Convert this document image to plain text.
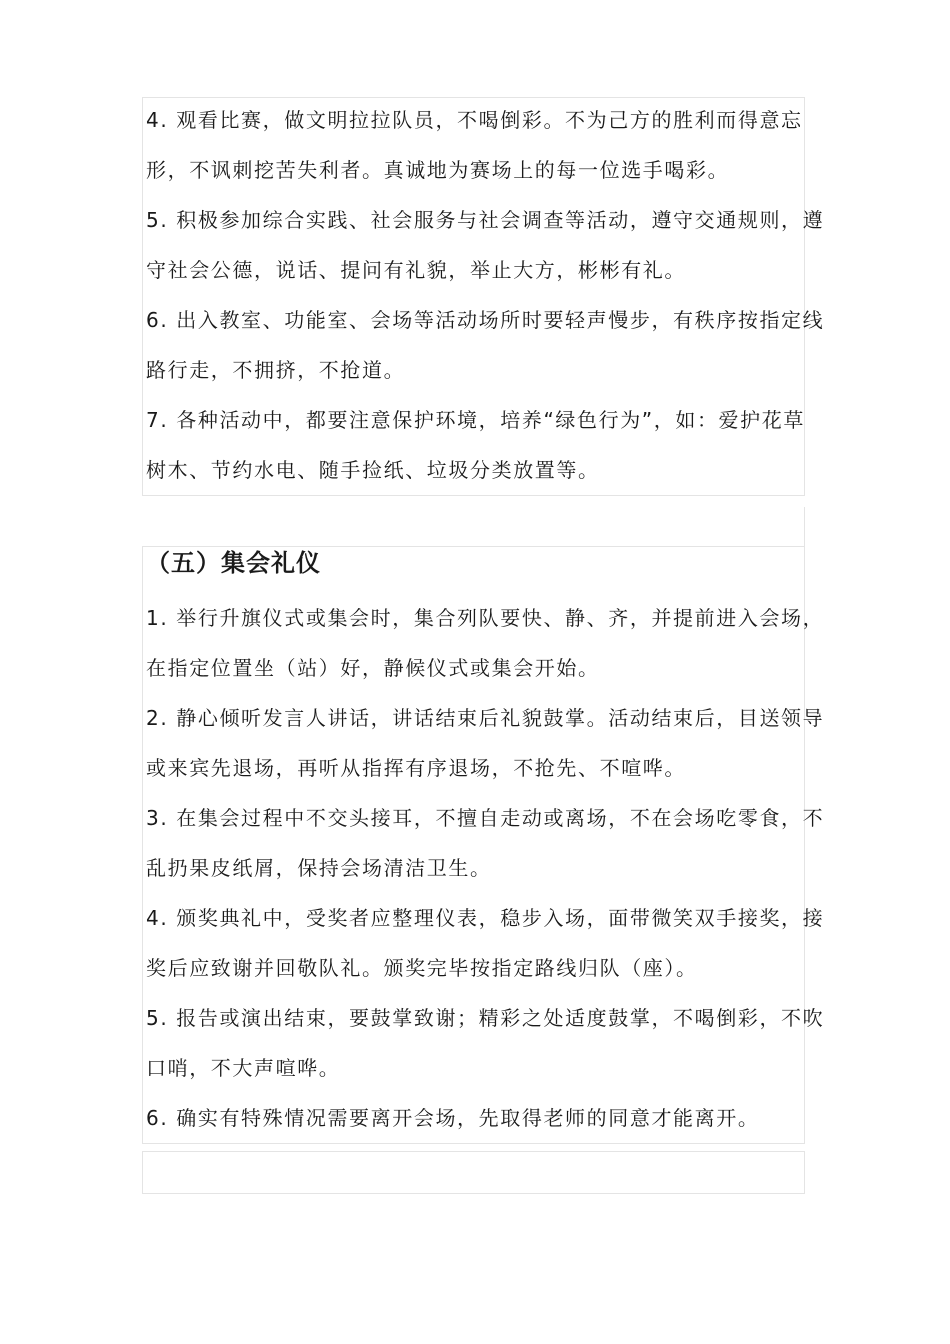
4. 观看比赛，做文明拉拉队员，不喝倒彩。不为己方的胜利而得意忘形，不讽刺挖苦失利者。真诚地为赛场上的每一位选手喝彩。

5. 积极参加综合实践、社会服务与社会调查等活动，遵守交通规则，遵守社会公德，说话、提问有礼貌，举止大方，彬彬有礼。

6. 出入教室、功能室、会场等活动场所时要轻声慢步，有秩序按指定线路行走，不拥挤，不抢道。

7. 各种活动中，都要注意保护环境，培养“绿色行为”，如：爱护花草树木、节约水电、随手捡纸、垃圾分类放置等。

（五）集会礼仪

1. 举行升旗仪式或集会时，集合列队要快、静、齐，并提前进入会场，在指定位置坐（站）好，静候仪式或集会开始。

2. 静心倾听发言人讲话，讲话结束后礼貌鼓掌。活动结束后，目送领导或来宾先退场，再听从指挥有序退场，不抢先、不喧哗。

3. 在集会过程中不交头接耳，不擅自走动或离场，不在会场吃零食，不乱扔果皮纸屑，保持会场清洁卫生。

4. 颁奖典礼中，受奖者应整理仪表，稳步入场，面带微笑双手接奖，接奖后应致谢并回敬队礼。颁奖完毕按指定路线归队（座）。

5. 报告或演出结束，要鼓掌致谢；精彩之处适度鼓掌，不喝倒彩，不吹口哨，不大声喧哗。

6. 确实有特殊情况需要离开会场，先取得老师的同意才能离开。
